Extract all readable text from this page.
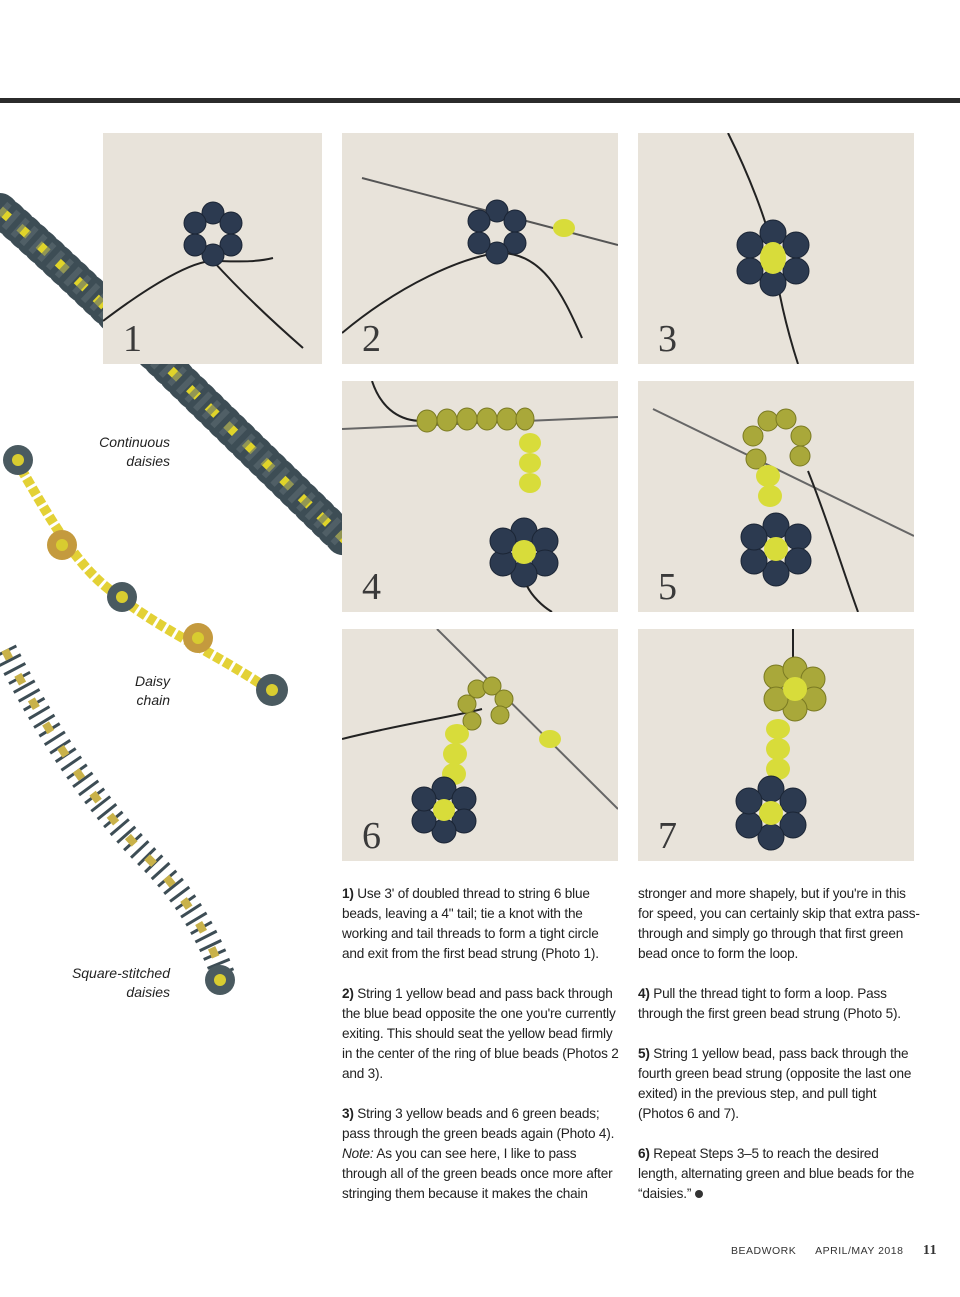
1	2	3
4	5
6	7
Continuous
daisies
Daisy
chain
Square-stitched
daisies

1) Use 3' of doubled thread to string 6 blue beads, leaving a 4" tail; tie a knot with the working and tail threads to form a tight circle and exit from the first bead strung (Photo 1).

2) String 1 yellow bead and pass back through the blue bead opposite the one you're currently exiting. This should seat the yellow bead firmly in the center of the ring of blue beads (Photos 2 and 3).

3) String 3 yellow beads and 6 green beads; pass through the green beads again (Photo 4). Note: As you can see here, I like to pass through all of the green beads once more after stringing them because it makes the chain

stronger and more shapely, but if you're in this for speed, you can certainly skip that extra pass-through and simply go through that first green bead once to form the loop.

4) Pull the thread tight to form a loop. Pass through the first green bead strung (Photo 5).

5) String 1 yellow bead, pass back through the fourth green bead strung (opposite the last one exited) in the previous step, and pull tight (Photos 6 and 7).

6) Repeat Steps 3–5 to reach the desired length, alternating green and blue beads for the “daisies.”

BEADWORK APRIL/MAY 2018 11
